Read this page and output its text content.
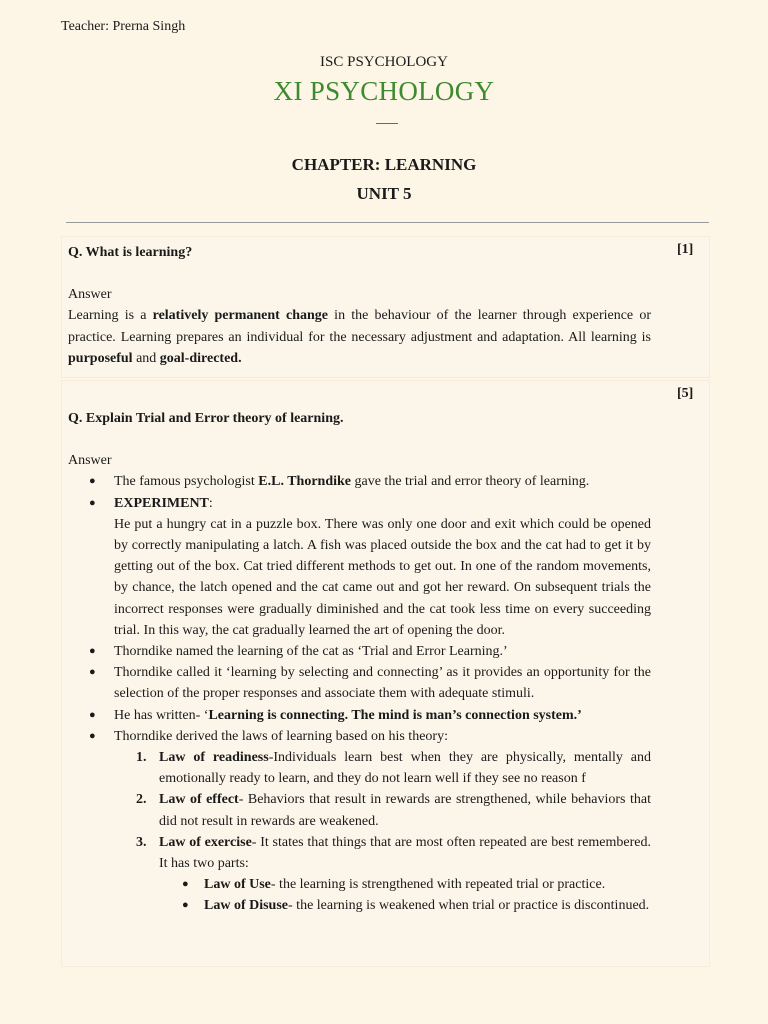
Teacher: Prerna Singh
ISC PSYCHOLOGY
XI PSYCHOLOGY
CHAPTER: LEARNING
UNIT 5

Q. What is learning?

Answer

Learning is a relatively permanent change in the behaviour of the learner through experience or practice. Learning prepares an individual for the necessary adjustment and adaptation. All learning is purposeful and goal-directed.

[1]
[5]

Q. Explain Trial and Error theory of learning.

Answer

● The famous psychologist E.L. Thorndike gave the trial and error theory of learning.
● EXPERIMENT:

He put a hungry cat in a puzzle box. There was only one door and exit which could be opened by correctly manipulating a latch. A fish was placed outside the box and the cat had to get it by getting out of the box. Cat tried different methods to get out. In one of the random movements, by chance, the latch opened and the cat came out and got her reward. On subsequent trials the incorrect responses were gradually diminished and the cat took less time on every succeeding trial. In this way, the cat gradually learned the art of opening the door.

● Thorndike named the learning of the cat as ‘Trial and Error Learning.’
● Thorndike called it ‘learning by selecting and connecting’ as it provides an opportunity for the selection of the proper responses and associate them with adequate stimuli.
● He has written- ‘Learning is connecting. The mind is man’s connection system.’
● Thorndike derived the laws of learning based on his theory:
1. Law of readiness-Individuals learn best when they are physically, mentally and emotionally ready to learn, and they do not learn well if they see no reason f
2. Law of effect- Behaviors that result in rewards are strengthened, while behaviors that did not result in rewards are weakened.
3. Law of exercise- It states that things that are most often repeated are best remembered. It has two parts:
● Law of Use- the learning is strengthened with repeated trial or practice.
● Law of Disuse- the learning is weakened when trial or practice is discontinued.
